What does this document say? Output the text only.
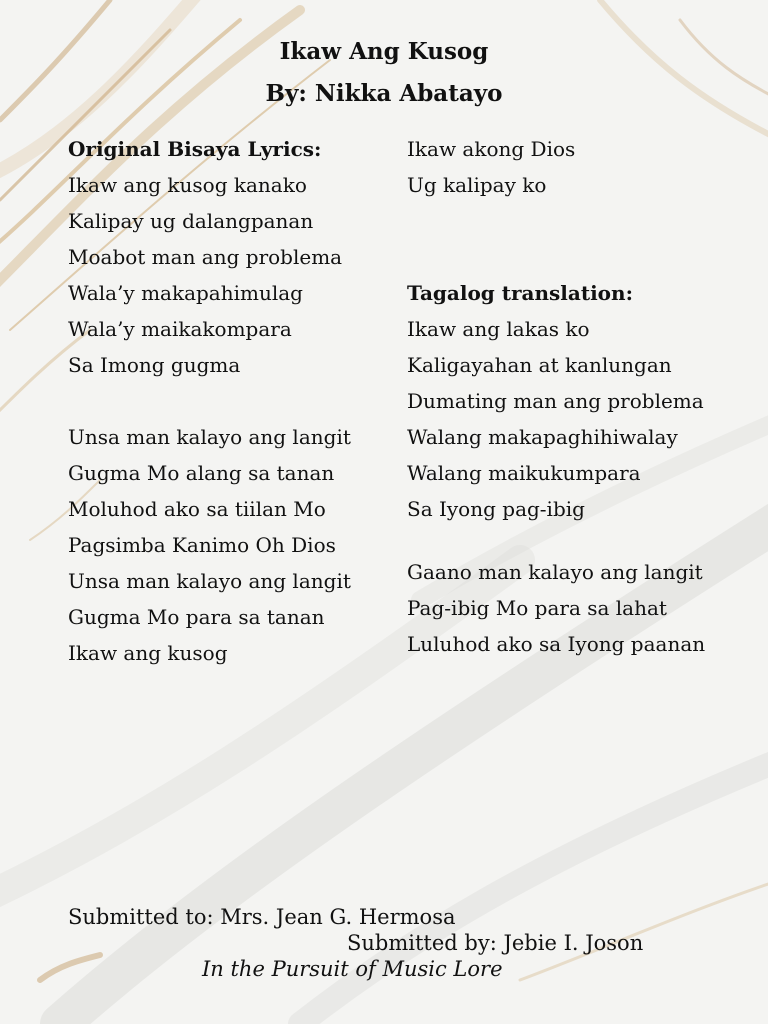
Ikaw Ang Kusog
By: Nikka Abatayo
Original Bisaya Lyrics:
Ikaw ang kusog kanako
Kalipay ug dalangpanan
Moabot man ang problema
Wala’y makapahimulag
Wala’y maikakompara
Sa Imong gugma
Unsa man kalayo ang langit
Gugma Mo alang sa tanan
Moluhod ako sa tiilan Mo
Pagsimba Kanimo Oh Dios
Unsa man kalayo ang langit
Gugma Mo para sa tanan
Ikaw ang kusog
Ikaw akong Dios
Ug kalipay ko
Tagalog translation:
Ikaw ang lakas ko
Kaligayahan at kanlungan
Dumating man ang problema
Walang makapaghihiwalay
Walang maikukumpara
Sa Iyong pag-ibig
Gaano man kalayo ang langit
Pag-ibig Mo para sa lahat
Luluhod ako sa Iyong paanan
Submitted to: Mrs. Jean G. Hermosa
Submitted by: Jebie I. Joson
In the Pursuit of Music Lore
